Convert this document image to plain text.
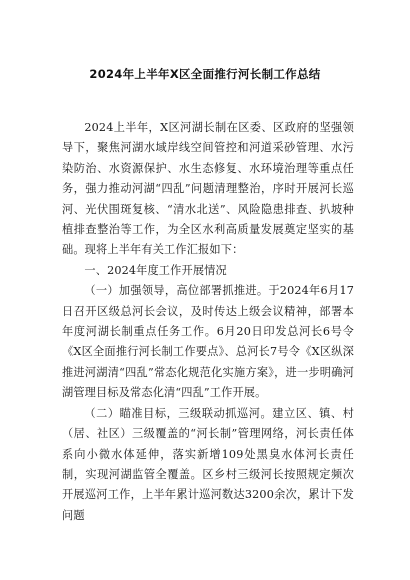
2024年上半年X区全面推行河长制工作总结

2024上半年，X区河湖长制在区委、区政府的坚强领导下，聚焦河湖水域岸线空间管控和河道采砂管理、水污染防治、水资源保护、水生态修复、水环境治理等重点任务，强力推动河湖“四乱”问题清理整治，序时开展河长巡河、光伏围斑复核、“清水北送”、风险隐患排查、扒坡种植排查整治等工作，为全区水利高质量发展奠定坚实的基础。现将上半年有关工作汇报如下：

一、2024年度工作开展情况

（一）加强领导，高位部署抓推进。于2024年6月17日召开区级总河长会议，及时传达上级会议精神，部署本年度河湖长制重点任务工作。6月20日印发总河长6号令《X区全面推行河长制工作要点》、总河长7号令《X区纵深推进河湖清“四乱”常态化规范化实施方案》，进一步明确河湖管理目标及常态化清“四乱”工作开展。

（二）瞄准目标，三级联动抓巡河。建立区、镇、村（居、社区）三级覆盖的“河长制”管理网络，河长责任体系向小微水体延伸，落实新增109处黑臭水体河长责任制，实现河湖监管全覆盖。区乡村三级河长按照规定频次开展巡河工作，上半年累计巡河数达3200余次，累计下发问题
